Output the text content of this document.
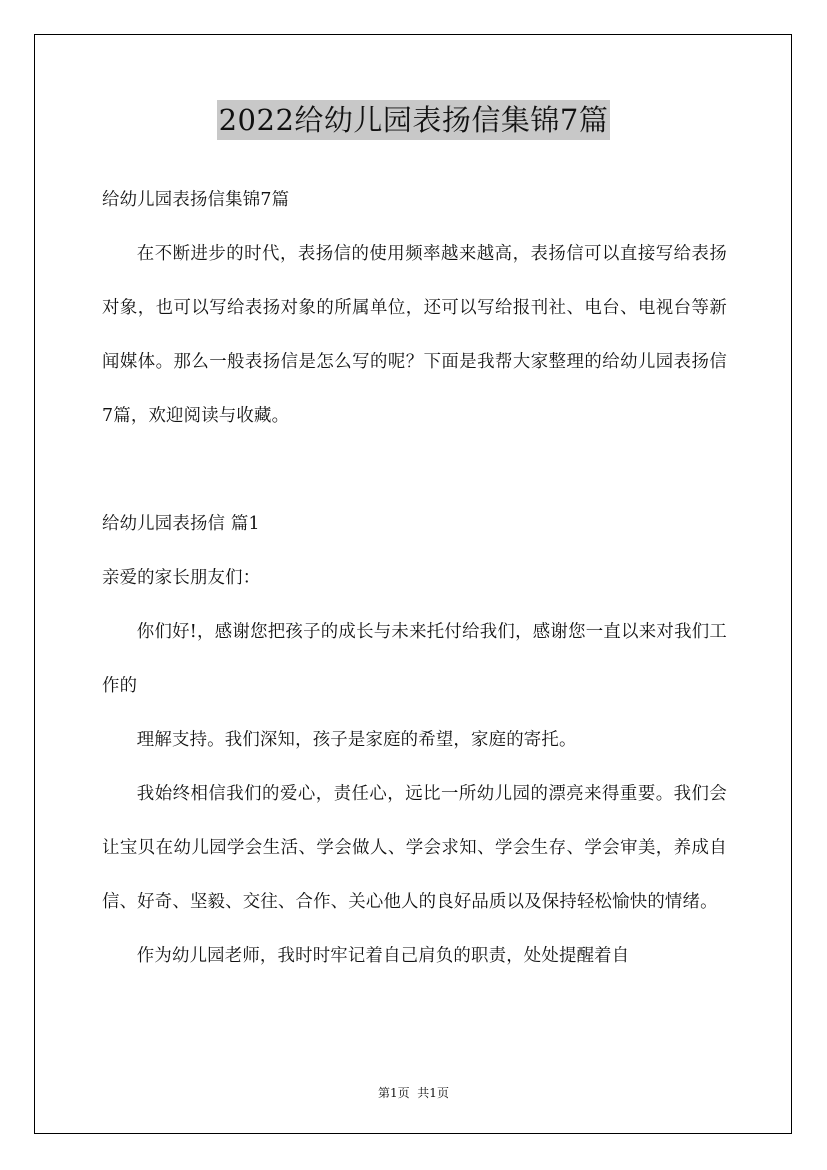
2022给幼儿园表扬信集锦7篇

给幼儿园表扬信集锦7篇

在不断进步的时代，表扬信的使用频率越来越高，表扬信可以直接写给表扬对象，也可以写给表扬对象的所属单位，还可以写给报刊社、电台、电视台等新闻媒体。那么一般表扬信是怎么写的呢？下面是我帮大家整理的给幼儿园表扬信7篇，欢迎阅读与收藏。

给幼儿园表扬信 篇1

亲爱的家长朋友们：

你们好!，感谢您把孩子的成长与未来托付给我们，感谢您一直以来对我们工作的

理解支持。我们深知，孩子是家庭的希望，家庭的寄托。

我始终相信我们的爱心，责任心，远比一所幼儿园的漂亮来得重要。我们会让宝贝在幼儿园学会生活、学会做人、学会求知、学会生存、学会审美，养成自信、好奇、坚毅、交往、合作、关心他人的良好品质以及保持轻松愉快的情绪。

作为幼儿园老师，我时时牢记着自己肩负的职责，处处提醒着自

第1页  共1页
